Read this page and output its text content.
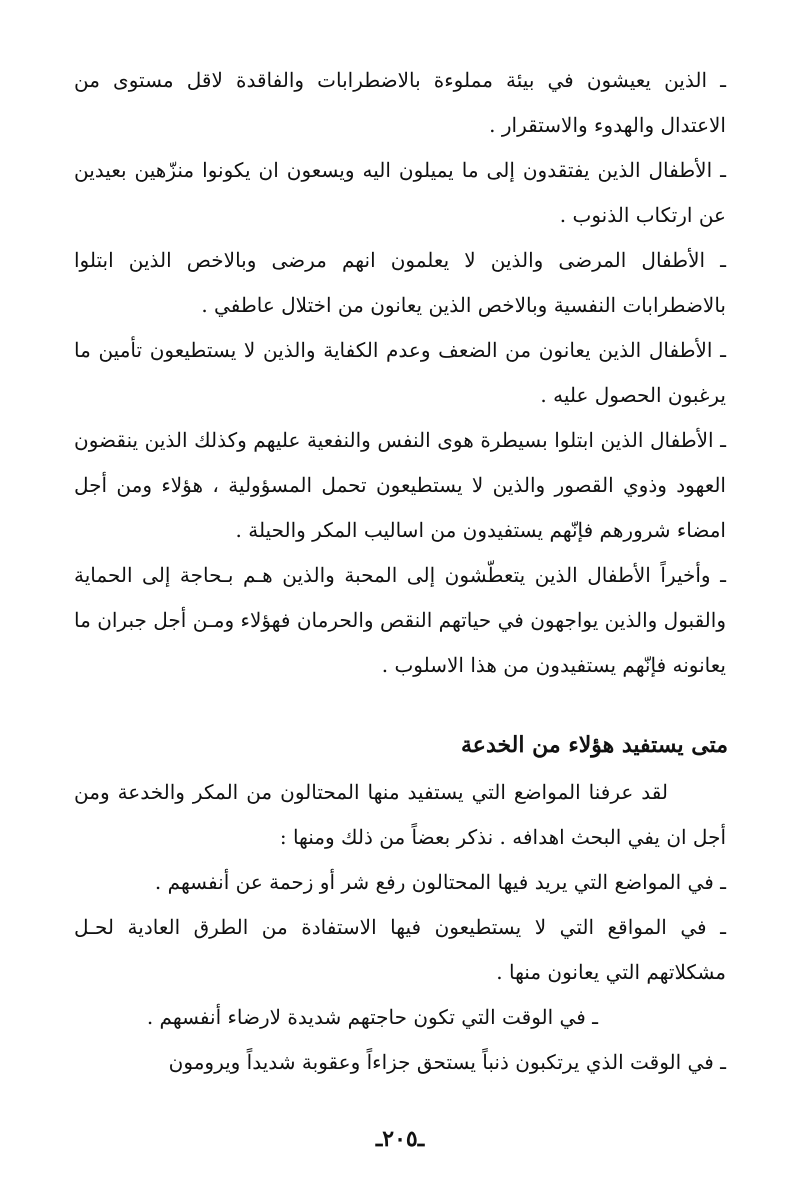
ـ الذين يعيشون في بيئة مملوءة بالاضطرابات والفاقدة لاقل مستوى من الاعتدال والهدوء والاستقرار .

ـ الأطفال الذين يفتقدون إلى ما يميلون اليه ويسعون ان يكونوا منزّهين بعيدين عن ارتكاب الذنوب .

ـ الأطفال المرضى والذين لا يعلمون انهم مرضى وبالاخص الذين ابتلوا بالاضطرابات النفسية وبالاخص الذين يعانون من اختلال عاطفي .

ـ الأطفال الذين يعانون من الضعف وعدم الكفاية والذين لا يستطيعون تأمين ما يرغبون الحصول عليه .

ـ الأطفال الذين ابتلوا بسيطرة هوى النفس والنفعية عليهم وكذلك الذين ينقضون العهود وذوي القصور والذين لا يستطيعون تحمل المسؤولية ، هؤلاء ومن أجل امضاء شرورهم فإنّهم يستفيدون من اساليب المكر والحيلة .

ـ وأخيراً الأطفال الذين يتعطّشون إلى المحبة والذين هـم بـحاجة إلى الحماية والقبول والذين يواجهون في حياتهم النقص والحرمان فهؤلاء ومـن أجل جبران ما يعانونه فإنّهم يستفيدون من هذا الاسلوب .

متى يستفيد هؤلاء من الخدعة

لقد عرفنا المواضع التي يستفيد منها المحتالون من المكر والخدعة ومن أجل ان يفي البحث اهدافه . نذكر بعضاً من ذلك ومنها :

ـ في المواضع التي يريد فيها المحتالون رفع شر أو زحمة عن أنفسهم .

ـ في المواقع التي لا يستطيعون فيها الاستفادة من الطرق العادية لحـل مشكلاتهم التي يعانون منها .

ـ في الوقت التي تكون حاجتهم شديدة لارضاء أنفسهم .

ـ في الوقت الذي يرتكبون ذنباً يستحق جزاءاً وعقوبة شديداً ويرومون

ـ٢٠٥ـ
